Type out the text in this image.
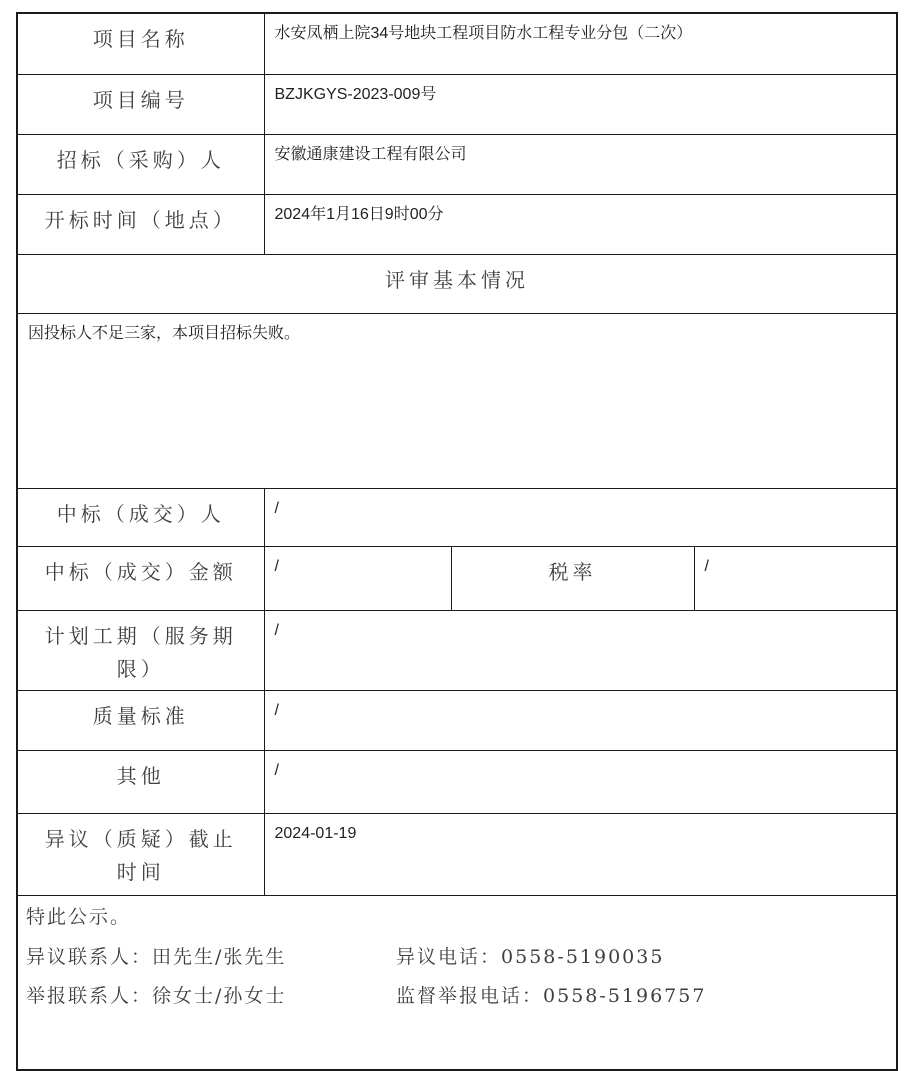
项目名称	水安凤栖上院34号地块工程项目防水工程专业分包（二次）		
项目编号	BZJKGYS-2023-009号		
招标（采购）人	安徽通康建设工程有限公司		
开标时间（地点）	2024年1月16日9时00分		
评审基本情况			
因投标人不足三家，本项目招标失败。			
中标（成交）人	/		
中标（成交）金额	/	税率	/
计划工期（服务期限）	/		
质量标准	/		
其他	/		
异议（质疑）截止时间	2024-01-19		

特此公示。
异议联系人：田先生/张先生 异议电话：0558-5190035
举报联系人：徐女士/孙女士 监督举报电话：0558-5196757			
